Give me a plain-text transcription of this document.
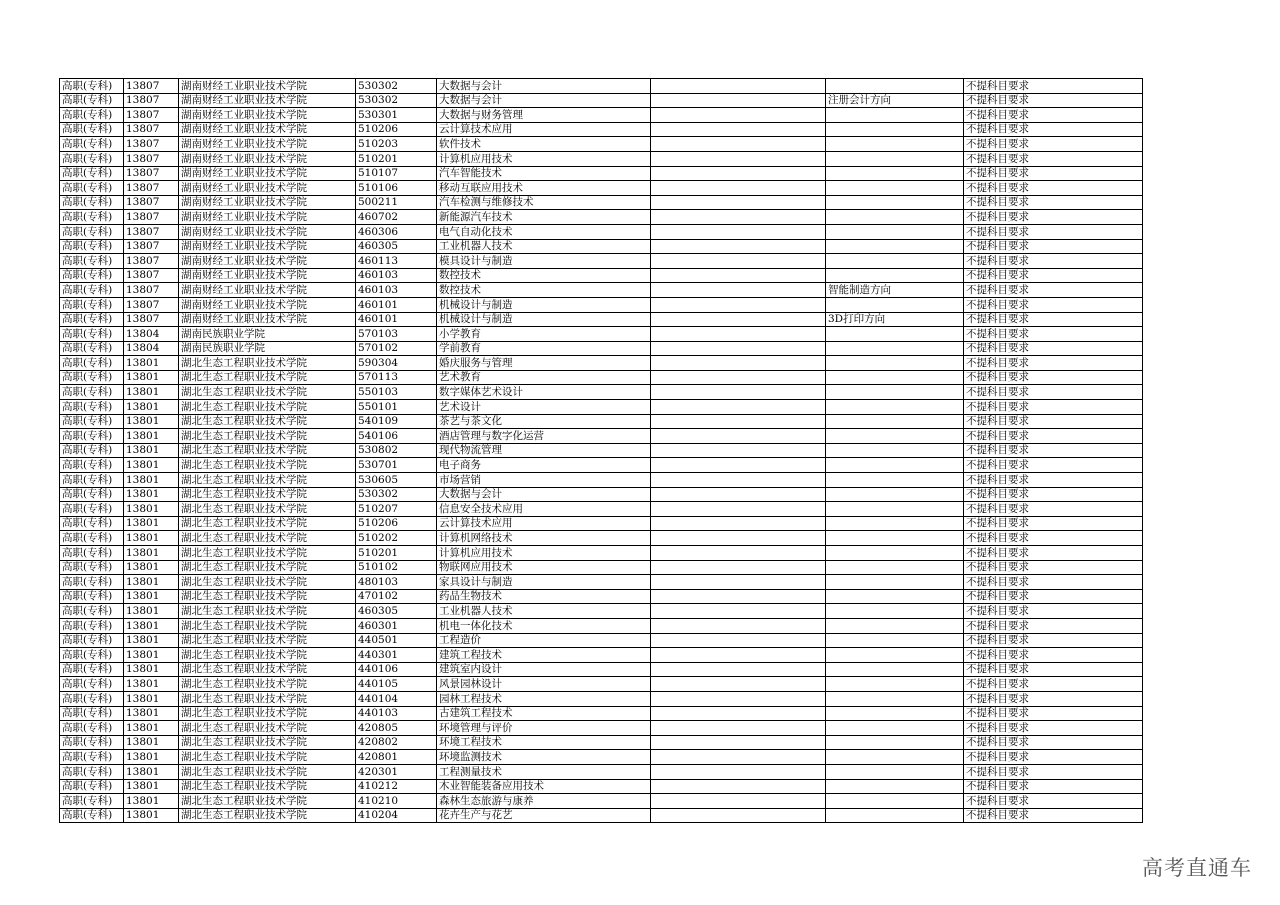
高职(专科)	13807	湖南财经工业职业技术学院	530302	大数据与会计			不提科目要求
高职(专科)	13807	湖南财经工业职业技术学院	530302	大数据与会计		注册会计方向	不提科目要求
高职(专科)	13807	湖南财经工业职业技术学院	530301	大数据与财务管理			不提科目要求
高职(专科)	13807	湖南财经工业职业技术学院	510206	云计算技术应用			不提科目要求
高职(专科)	13807	湖南财经工业职业技术学院	510203	软件技术			不提科目要求
高职(专科)	13807	湖南财经工业职业技术学院	510201	计算机应用技术			不提科目要求
高职(专科)	13807	湖南财经工业职业技术学院	510107	汽车智能技术			不提科目要求
高职(专科)	13807	湖南财经工业职业技术学院	510106	移动互联应用技术			不提科目要求
高职(专科)	13807	湖南财经工业职业技术学院	500211	汽车检测与维修技术			不提科目要求
高职(专科)	13807	湖南财经工业职业技术学院	460702	新能源汽车技术			不提科目要求
高职(专科)	13807	湖南财经工业职业技术学院	460306	电气自动化技术			不提科目要求
高职(专科)	13807	湖南财经工业职业技术学院	460305	工业机器人技术			不提科目要求
高职(专科)	13807	湖南财经工业职业技术学院	460113	模具设计与制造			不提科目要求
高职(专科)	13807	湖南财经工业职业技术学院	460103	数控技术			不提科目要求
高职(专科)	13807	湖南财经工业职业技术学院	460103	数控技术		智能制造方向	不提科目要求
高职(专科)	13807	湖南财经工业职业技术学院	460101	机械设计与制造			不提科目要求
高职(专科)	13807	湖南财经工业职业技术学院	460101	机械设计与制造		3D打印方向	不提科目要求
高职(专科)	13804	湖南民族职业学院	570103	小学教育			不提科目要求
高职(专科)	13804	湖南民族职业学院	570102	学前教育			不提科目要求
高职(专科)	13801	湖北生态工程职业技术学院	590304	婚庆服务与管理			不提科目要求
高职(专科)	13801	湖北生态工程职业技术学院	570113	艺术教育			不提科目要求
高职(专科)	13801	湖北生态工程职业技术学院	550103	数字媒体艺术设计			不提科目要求
高职(专科)	13801	湖北生态工程职业技术学院	550101	艺术设计			不提科目要求
高职(专科)	13801	湖北生态工程职业技术学院	540109	茶艺与茶文化			不提科目要求
高职(专科)	13801	湖北生态工程职业技术学院	540106	酒店管理与数字化运营			不提科目要求
高职(专科)	13801	湖北生态工程职业技术学院	530802	现代物流管理			不提科目要求
高职(专科)	13801	湖北生态工程职业技术学院	530701	电子商务			不提科目要求
高职(专科)	13801	湖北生态工程职业技术学院	530605	市场营销			不提科目要求
高职(专科)	13801	湖北生态工程职业技术学院	530302	大数据与会计			不提科目要求
高职(专科)	13801	湖北生态工程职业技术学院	510207	信息安全技术应用			不提科目要求
高职(专科)	13801	湖北生态工程职业技术学院	510206	云计算技术应用			不提科目要求
高职(专科)	13801	湖北生态工程职业技术学院	510202	计算机网络技术			不提科目要求
高职(专科)	13801	湖北生态工程职业技术学院	510201	计算机应用技术			不提科目要求
高职(专科)	13801	湖北生态工程职业技术学院	510102	物联网应用技术			不提科目要求
高职(专科)	13801	湖北生态工程职业技术学院	480103	家具设计与制造			不提科目要求
高职(专科)	13801	湖北生态工程职业技术学院	470102	药品生物技术			不提科目要求
高职(专科)	13801	湖北生态工程职业技术学院	460305	工业机器人技术			不提科目要求
高职(专科)	13801	湖北生态工程职业技术学院	460301	机电一体化技术			不提科目要求
高职(专科)	13801	湖北生态工程职业技术学院	440501	工程造价			不提科目要求
高职(专科)	13801	湖北生态工程职业技术学院	440301	建筑工程技术			不提科目要求
高职(专科)	13801	湖北生态工程职业技术学院	440106	建筑室内设计			不提科目要求
高职(专科)	13801	湖北生态工程职业技术学院	440105	风景园林设计			不提科目要求
高职(专科)	13801	湖北生态工程职业技术学院	440104	园林工程技术			不提科目要求
高职(专科)	13801	湖北生态工程职业技术学院	440103	古建筑工程技术			不提科目要求
高职(专科)	13801	湖北生态工程职业技术学院	420805	环境管理与评价			不提科目要求
高职(专科)	13801	湖北生态工程职业技术学院	420802	环境工程技术			不提科目要求
高职(专科)	13801	湖北生态工程职业技术学院	420801	环境监测技术			不提科目要求
高职(专科)	13801	湖北生态工程职业技术学院	420301	工程测量技术			不提科目要求
高职(专科)	13801	湖北生态工程职业技术学院	410212	木业智能装备应用技术			不提科目要求
高职(专科)	13801	湖北生态工程职业技术学院	410210	森林生态旅游与康养			不提科目要求
高职(专科)	13801	湖北生态工程职业技术学院	410204	花卉生产与花艺			不提科目要求
高考直通车
